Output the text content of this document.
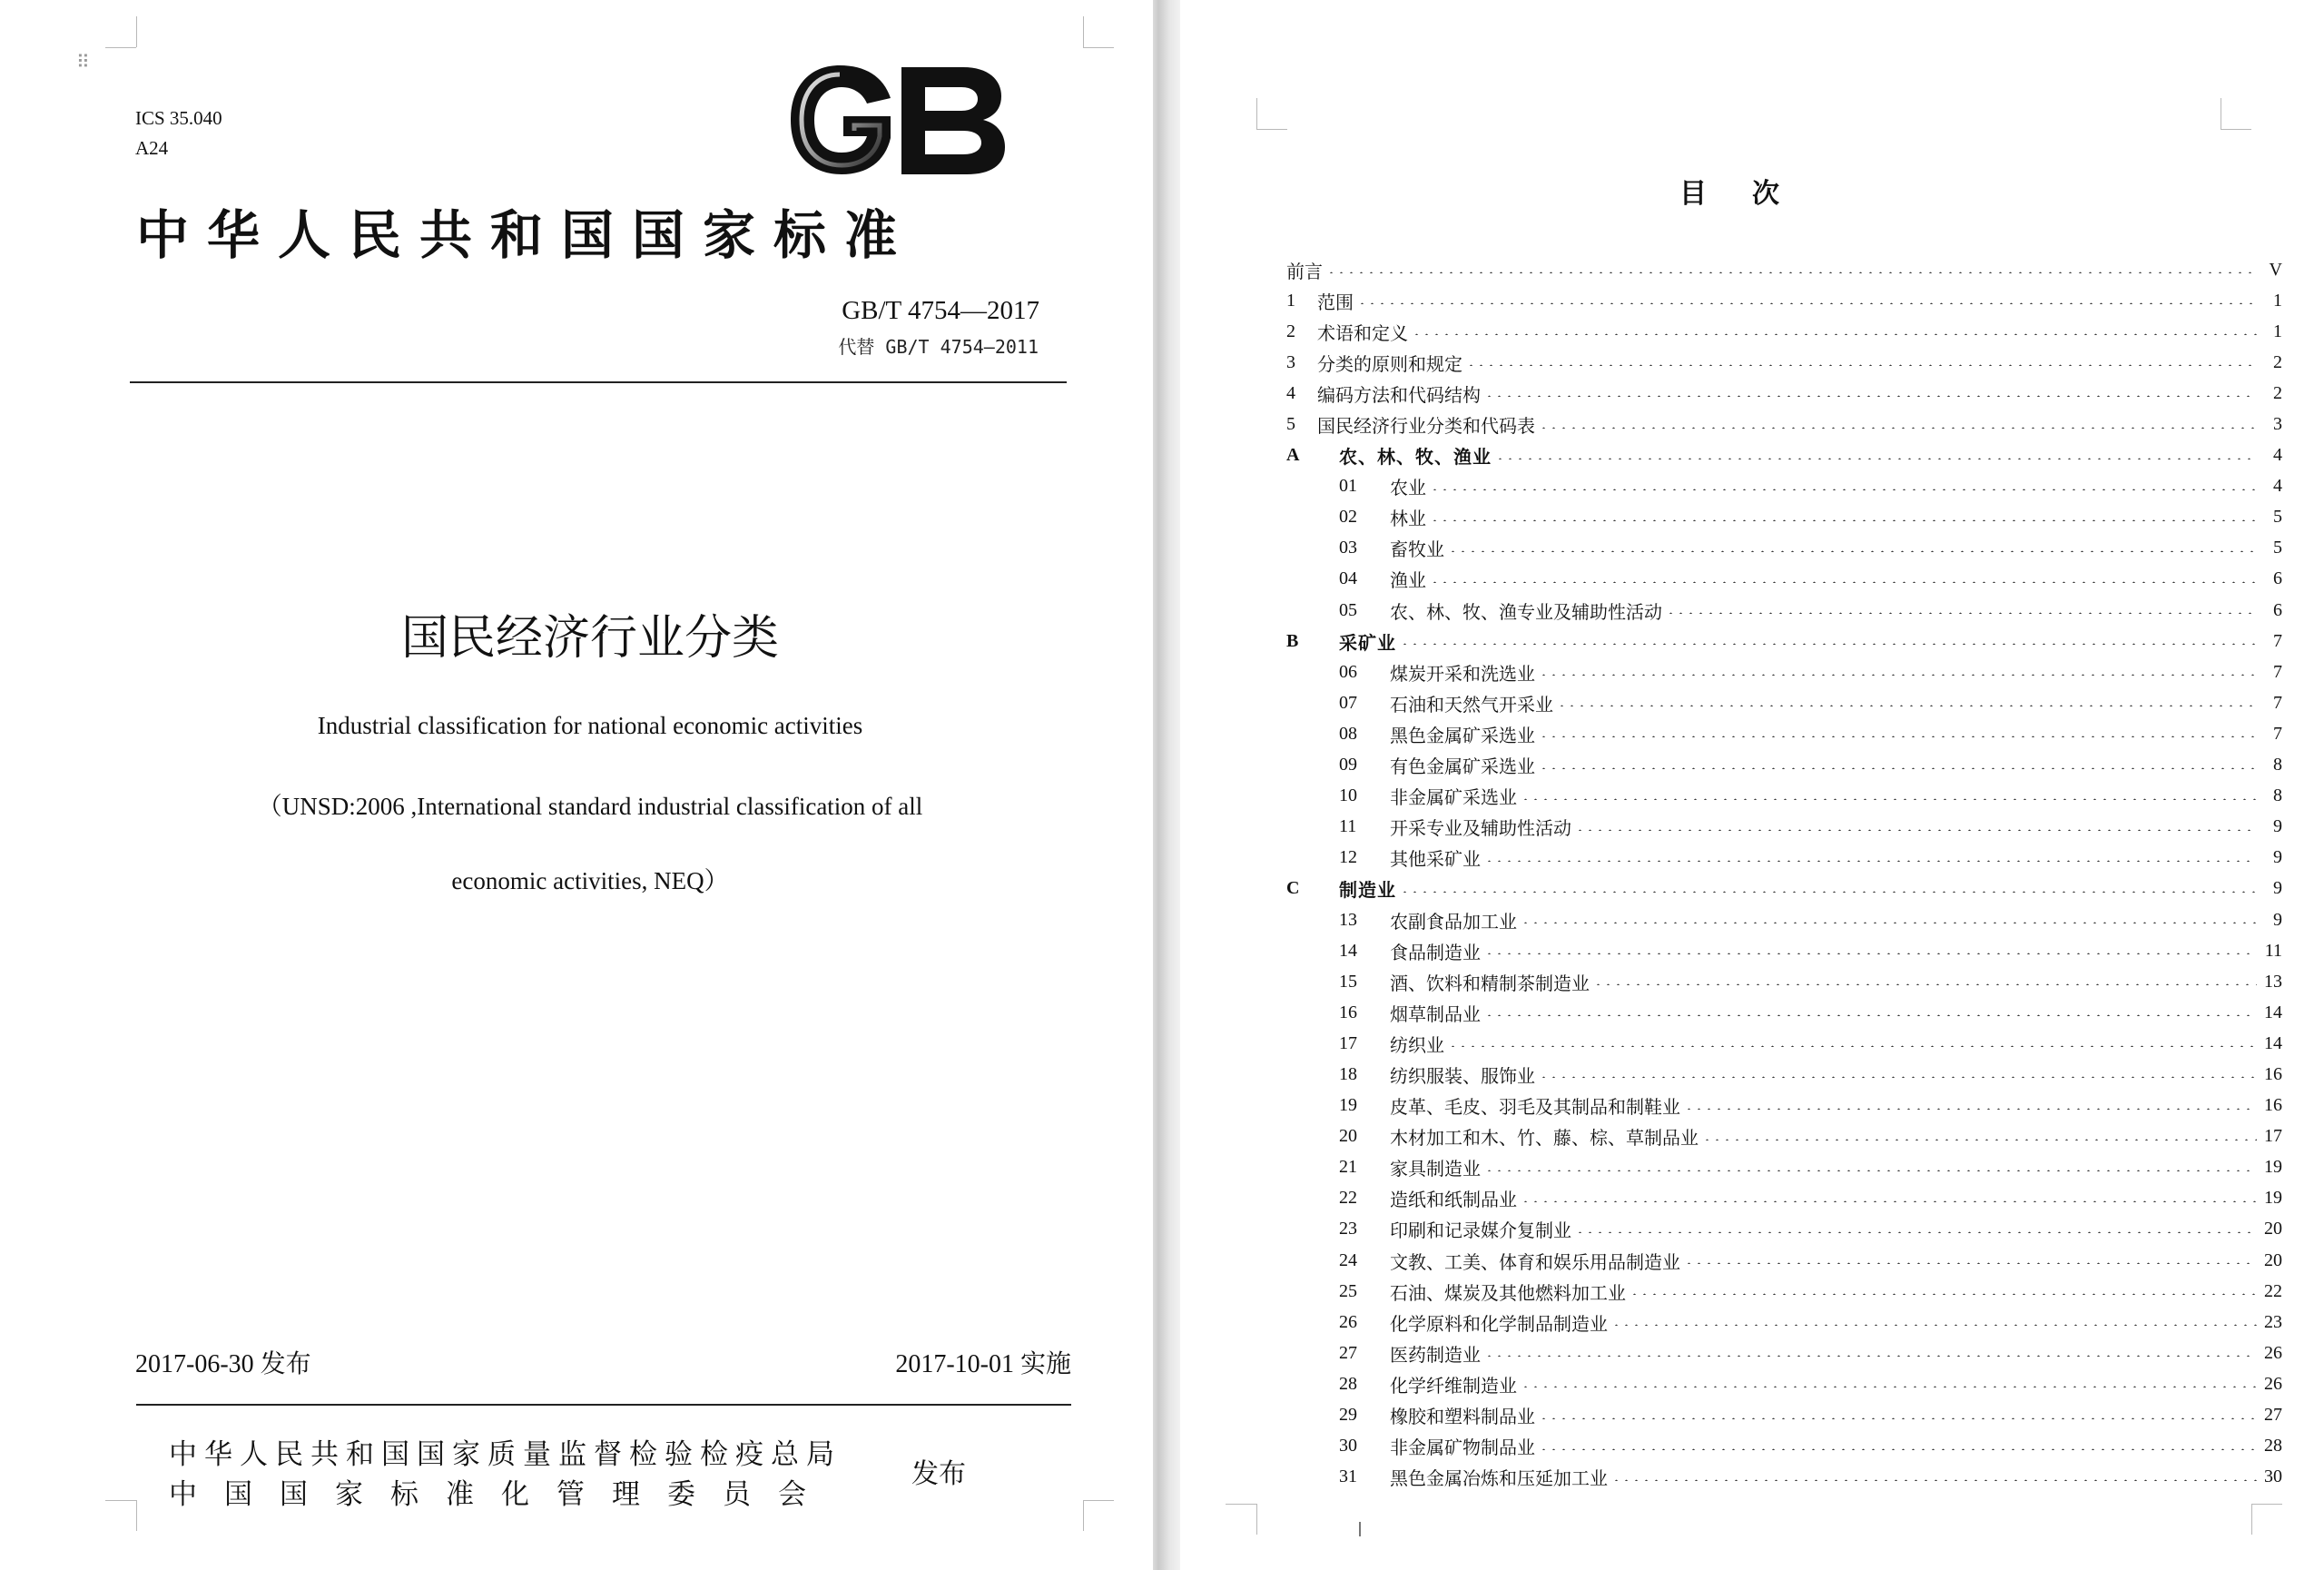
⠿
ICS 35.040
A24
中华人民共和国国家标准
GB/T 4754—2017
代替 GB/T 4754—2011
国民经济行业分类
Industrial classification for national economic activities
（UNSD:2006 ,International standard industrial classification of all
economic activities, NEQ）
2017-06-30 发布	2017-10-01 实施
中华人民共和国国家质量监督检验检疫总局
中国国家标准化管理委员会
发布
目次
前言	V
1	范围	1
2	术语和定义	1
3	分类的原则和规定	2
4	编码方法和代码结构	2
5	国民经济行业分类和代码表	3
A	农、林、牧、渔业	4
01	农业	4
02	林业	5
03	畜牧业	5
04	渔业	6
05	农、林、牧、渔专业及辅助性活动	6
B	采矿业	7
06	煤炭开采和洗选业	7
07	石油和天然气开采业	7
08	黑色金属矿采选业	7
09	有色金属矿采选业	8
10	非金属矿采选业	8
11	开采专业及辅助性活动	9
12	其他采矿业	9
C	制造业	9
13	农副食品加工业	9
14	食品制造业	11
15	酒、饮料和精制茶制造业	13
16	烟草制品业	14
17	纺织业	14
18	纺织服装、服饰业	16
19	皮革、毛皮、羽毛及其制品和制鞋业	16
20	木材加工和木、竹、藤、棕、草制品业	17
21	家具制造业	19
22	造纸和纸制品业	19
23	印刷和记录媒介复制业	20
24	文教、工美、体育和娱乐用品制造业	20
25	石油、煤炭及其他燃料加工业	22
26	化学原料和化学制品制造业	23
27	医药制造业	26
28	化学纤维制造业	26
29	橡胶和塑料制品业	27
30	非金属矿物制品业	28
31	黑色金属冶炼和压延加工业	30
